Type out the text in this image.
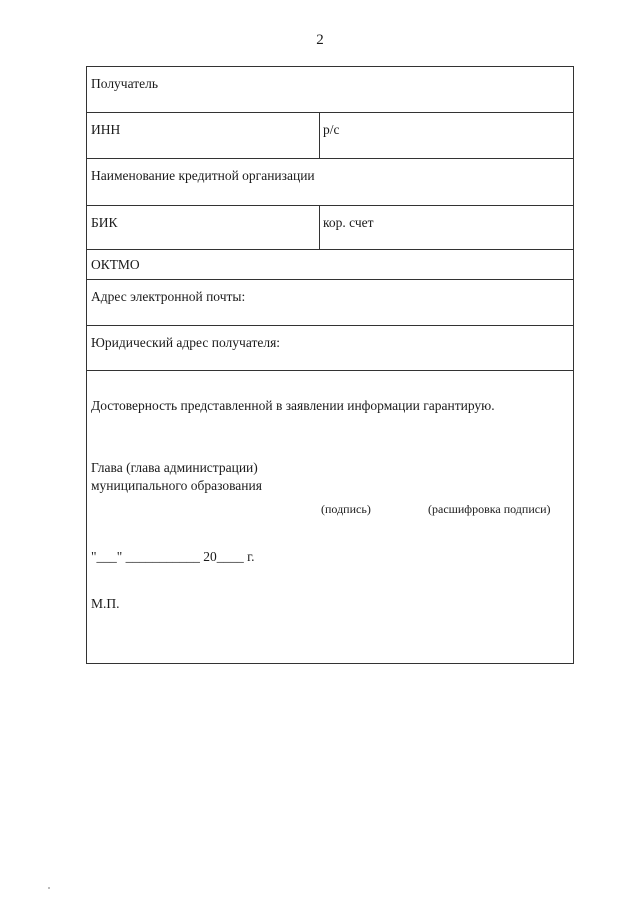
2
Получатель
ИНН	р/с
Наименование кредитной организации
БИК	кор. счет
ОКТМО
Адрес электронной почты:
Юридический адрес получателя:
Достоверность представленной в заявлении информации гарантирую.
Глава (глава администрации)
муниципального образования
(подпись)	(расшифровка подписи)
"___" ___________ 20____ г.
М.П.
